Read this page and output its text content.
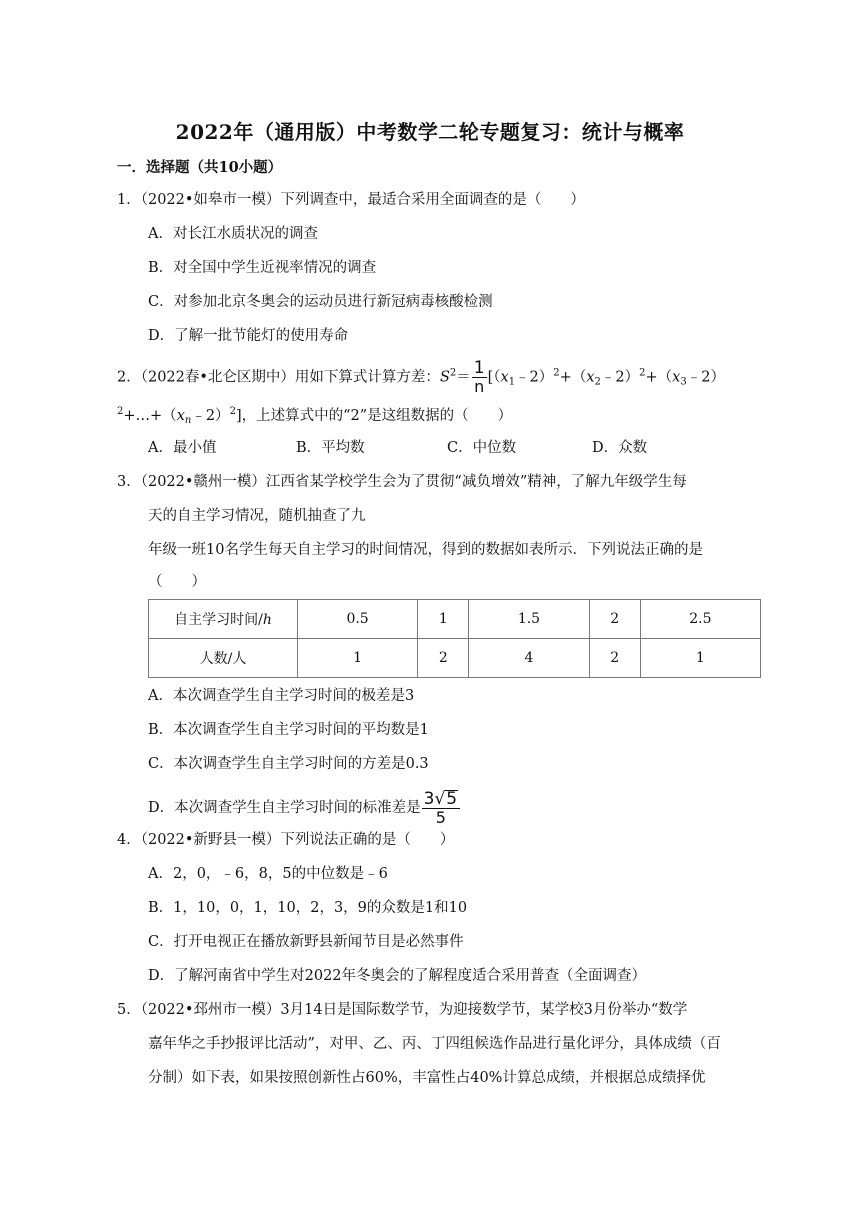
2022年（通用版）中考数学二轮专题复习：统计与概率
一．选择题（共10小题）
1．（2022•如皋市一模）下列调查中，最适合采用全面调查的是（　　）
A．对长江水质状况的调查
B．对全国中学生近视率情况的调查
C．对参加北京冬奥会的运动员进行新冠病毒核酸检测
D．了解一批节能灯的使用寿命
2．（2022春•北仑区期中）用如下算式计算方差：$S^2= \frac{1}{n}$ [$(x_1﹣2)^2+(x_2﹣2)^2+(x_3﹣2)$
$^2+\dots+(x_n﹣2)^2$]，上述算式中的“2”是这组数据的（　　）
A．最小值	B．平均数	C．中位数	D．众数
3．（2022•赣州一模）江西省某学校学生会为了贯彻“减负增效”精神，了解九年级学生每
天的自主学习情况，随机抽查了九
年级一班10名学生每天自主学习的时间情况，得到的数据如表所示．下列说法正确的是
（　　）
自主学习时间/h	0.5	1	1.5	2	2.5
人数/人	1	2	4	2	1
A．本次调查学生自主学习时间的极差是3
B．本次调查学生自主学习时间的平均数是1
C．本次调查学生自主学习时间的方差是0.3
D．本次调查学生自主学习时间的标准差是 $\frac{3√5}{5}$
4．（2022•新野县一模）下列说法正确的是（　　）
A．2，0，﹣6，8，5的中位数是﹣6
B．1，10，0，1，10，2，3，9的众数是1和10
C．打开电视正在播放新野县新闻节目是必然事件
D．了解河南省中学生对2022年冬奥会的了解程度适合采用普查（全面调查）
5．（2022•邳州市一模）3月14日是国际数学节，为迎接数学节，某学校3月份举办“数学
嘉年华之手抄报评比活动”，对甲、乙、丙、丁四组候选作品进行量化评分，具体成绩（百
分制）如下表，如果按照创新性占60%，丰富性占40%计算总成绩，并根据总成绩择优
